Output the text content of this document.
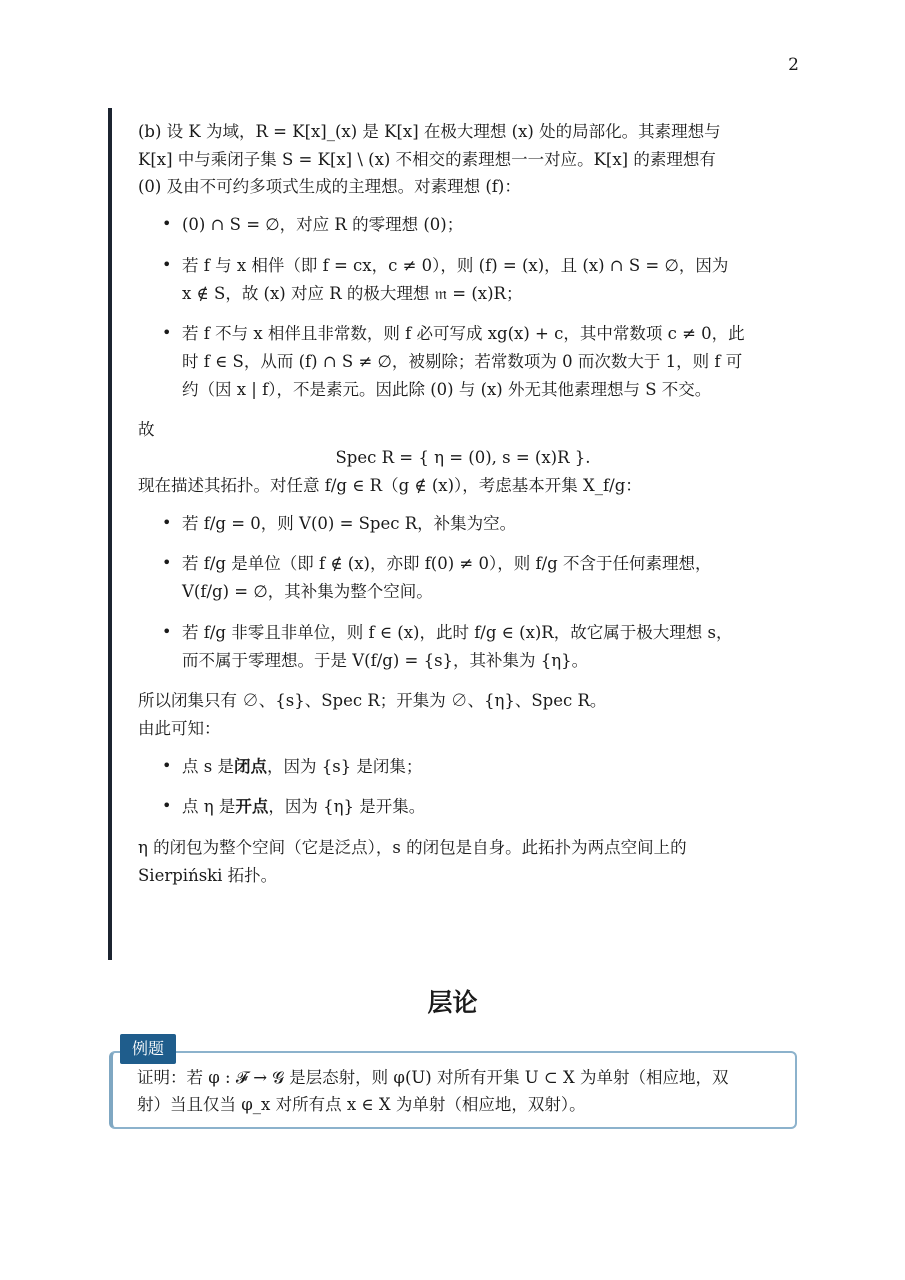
2

(b) 设 K 为域，R = K[x]_(x) 是 K[x] 在极大理想 (x) 处的局部化。其素理想与
K[x] 中与乘闭子集 S = K[x] \ (x) 不相交的素理想一一对应。K[x] 的素理想有
(0) 及由不可约多项式生成的主理想。对素理想 (f)：

• (0) ∩ S = ∅，对应 R 的零理想 (0)；
• 若 f 与 x 相伴（即 f = cx，c ≠ 0），则 (f) = (x)，且 (x) ∩ S = ∅，因为
x ∉ S，故 (x) 对应 R 的极大理想 𝔪 = (x)R；
• 若 f 不与 x 相伴且非常数，则 f 必可写成 xg(x) + c，其中常数项 c ≠ 0，此
时 f ∈ S，从而 (f) ∩ S ≠ ∅，被剔除；若常数项为 0 而次数大于 1，则 f 可
约（因 x | f），不是素元。因此除 (0) 与 (x) 外无其他素理想与 S 不交。

故

Spec R = { η = (0), s = (x)R }.

现在描述其拓扑。对任意 f/g ∈ R（g ∉ (x)），考虑基本开集 X_f/g：

• 若 f/g = 0，则 V(0) = Spec R，补集为空。
• 若 f/g 是单位（即 f ∉ (x)，亦即 f(0) ≠ 0），则 f/g 不含于任何素理想，
V(f/g) = ∅，其补集为整个空间。
• 若 f/g 非零且非单位，则 f ∈ (x)，此时 f/g ∈ (x)R，故它属于极大理想 s，
而不属于零理想。于是 V(f/g) = {s}，其补集为 {η}。

所以闭集只有 ∅、{s}、Spec R；开集为 ∅、{η}、Spec R。

由此可知：

• 点 s 是闭点，因为 {s} 是闭集；
• 点 η 是开点，因为 {η} 是开集。

η 的闭包为整个空间（它是泛点），s 的闭包是自身。此拓扑为两点空间上的
Sierpiński 拓扑。

层论
例题
证明：若 φ : 𝓕 → 𝓖 是层态射，则 φ(U) 对所有开集 U ⊂ X 为单射（相应地，双
射）当且仅当 φ_x 对所有点 x ∈ X 为单射（相应地，双射）。
